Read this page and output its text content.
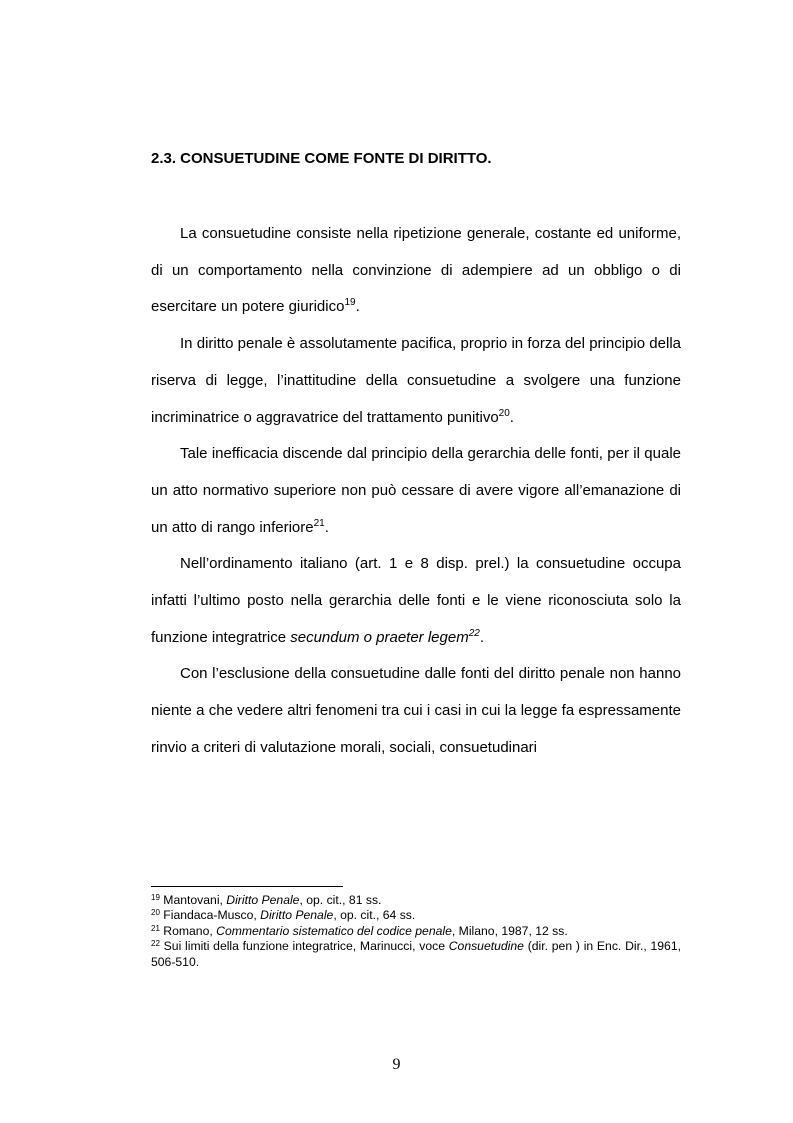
2.3. CONSUETUDINE COME FONTE DI DIRITTO.

La consuetudine consiste nella ripetizione generale, costante ed uniforme, di un comportamento nella convinzione di adempiere ad un obbligo o di esercitare un potere giuridico$^{19}$.

In diritto penale è assolutamente pacifica, proprio in forza del principio della riserva di legge, l’inattitudine della consuetudine a svolgere una funzione incriminatrice o aggravatrice del trattamento punitivo$^{20}$.

Tale inefficacia discende dal principio della gerarchia delle fonti, per il quale un atto normativo superiore non può cessare di avere vigore all’emanazione di un atto di rango inferiore$^{21}$.

Nell’ordinamento italiano (art. 1 e 8 disp. prel.) la consuetudine occupa infatti l’ultimo posto nella gerarchia delle fonti e le viene riconosciuta solo la funzione integratrice secundum o praeter legem$^{22}$.

Con l’esclusione della consuetudine dalle fonti del diritto penale non hanno niente a che vedere altri fenomeni tra cui i casi in cui la legge fa espressamente rinvio a criteri di valutazione morali, sociali, consuetudinari

$^{19}$ Mantovani, Diritto Penale, op. cit., 81 ss.

$^{20}$ Fiandaca-Musco, Diritto Penale, op. cit., 64 ss.

$^{21}$ Romano, Commentario sistematico del codice penale, Milano, 1987, 12 ss.

$^{22}$ Sui limiti della funzione integratrice, Marinucci, voce Consuetudine (dir. pen ) in Enc. Dir., 1961, 506-510.

9
